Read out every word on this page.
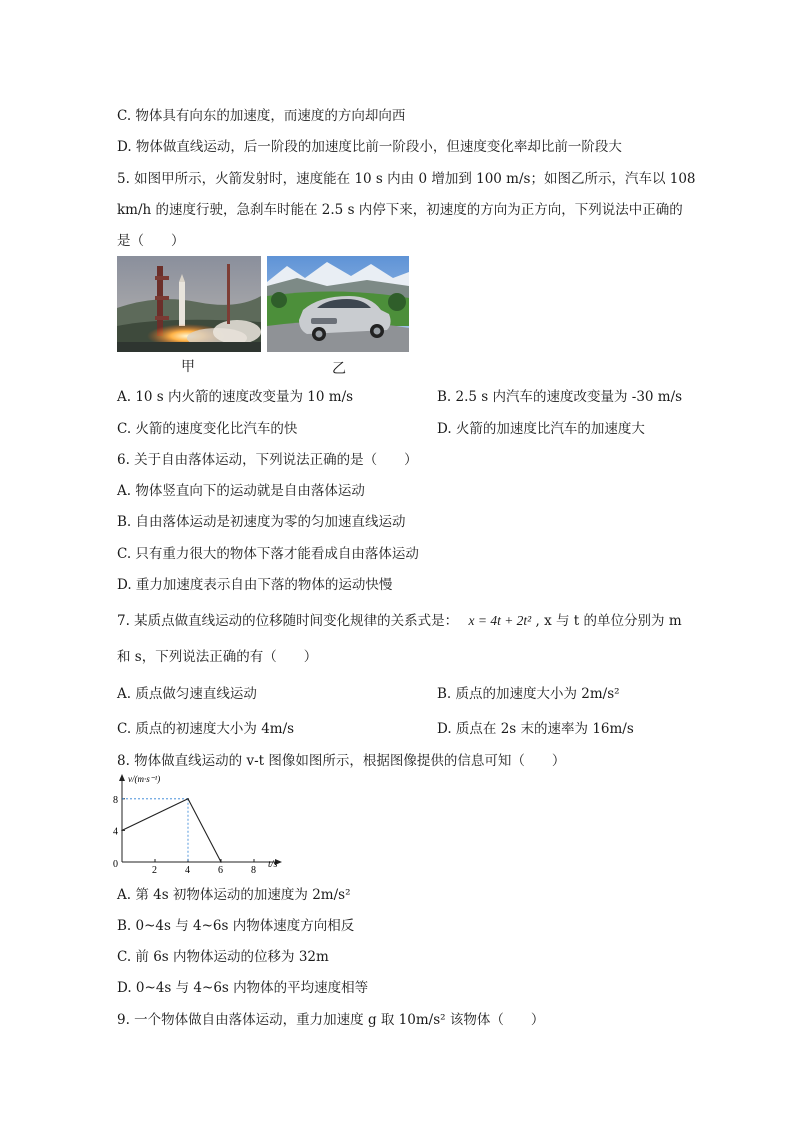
C. 物体具有向东的加速度，而速度的方向却向西
D. 物体做直线运动，后一阶段的加速度比前一阶段小，但速度变化率却比前一阶段大
5. 如图甲所示，火箭发射时，速度能在 10 s 内由 0 增加到 100 m/s；如图乙所示，汽车以 108
km/h 的速度行驶，急刹车时能在 2.5 s 内停下来，初速度的方向为正方向，下列说法中正确的
是（　　）
甲	乙
A. 10 s 内火箭的速度改变量为 10 m/s	B. 2.5 s 内汽车的速度改变量为 -30 m/s
C. 火箭的速度变化比汽车的快	D. 火箭的加速度比汽车的加速度大
6. 关于自由落体运动，下列说法正确的是（　　）
A. 物体竖直向下的运动就是自由落体运动
B. 自由落体运动是初速度为零的匀加速直线运动
C. 只有重力很大的物体下落才能看成自由落体运动
D. 重力加速度表示自由下落的物体的运动快慢
7. 某质点做直线运动的位移随时间变化规律的关系式是： x = 4t + 2t² , x 与 t 的单位分别为 m
和 s，下列说法正确的有（　　）
A. 质点做匀速直线运动	B. 质点的加速度大小为 2m/s²
C. 质点的初速度大小为 4m/s	D. 质点在 2s 末的速率为 16m/s
8. 物体做直线运动的 v-t 图像如图所示，根据图像提供的信息可知（　　）
v/(m·s⁻¹)
t/s
0
2	4	6	8
4
8
A. 第 4s 初物体运动的加速度为 2m/s²
B. 0~4s 与 4~6s 内物体速度方向相反
C. 前 6s 内物体运动的位移为 32m
D. 0~4s 与 4~6s 内物体的平均速度相等
9. 一个物体做自由落体运动，重力加速度 g 取 10m/s² 该物体（　　）
